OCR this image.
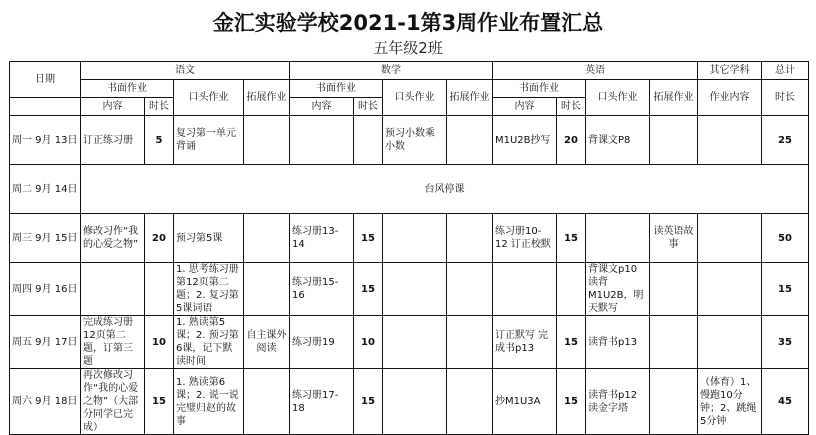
金汇实验学校2021-1第3周作业布置汇总
五年级2班
日期	语文				数学				英语				其它学科	总计
	书面作业		口头作业	拓展作业	书面作业		口头作业	拓展作业	书面作业		口头作业	拓展作业	作业内容	时长
	内容	时长			内容	时长			内容	时长				
周一 9月 13日	订正练习册	5	复习第一单元背诵				预习小数乘小数		M1U2B抄写	20	背课文P8			25
周二 9月 14日	台风停课													
周三 9月 15日	修改习作“我的心爱之物”	20	预习第5课		练习册13-14	15			练习册10-12 订正校默	15		读英语故事		50
周四 9月 16日			1. 思考练习册第12页第二题；2. 复习第5课词语		练习册15-16	15					背课文p10 读背M1U2B，明天默写			15
周五 9月 17日	完成练习册12页第二题，订第三题	10	1. 熟读第5课；2. 预习第6课，记下默读时间	自主课外阅读	练习册19	10			订正默写 完成书p13	15	读背书p13			35
周六 9月 18日	再次修改习作“我的心爱之物”（大部分同学已完成）	15	1. 熟读第6课；2. 说一说完璧归赵的故事		练习册17-18	15			抄M1U3A	15	读背书p12 读金字塔		（体育）1、慢跑10分钟；2、跳绳5分钟	45
